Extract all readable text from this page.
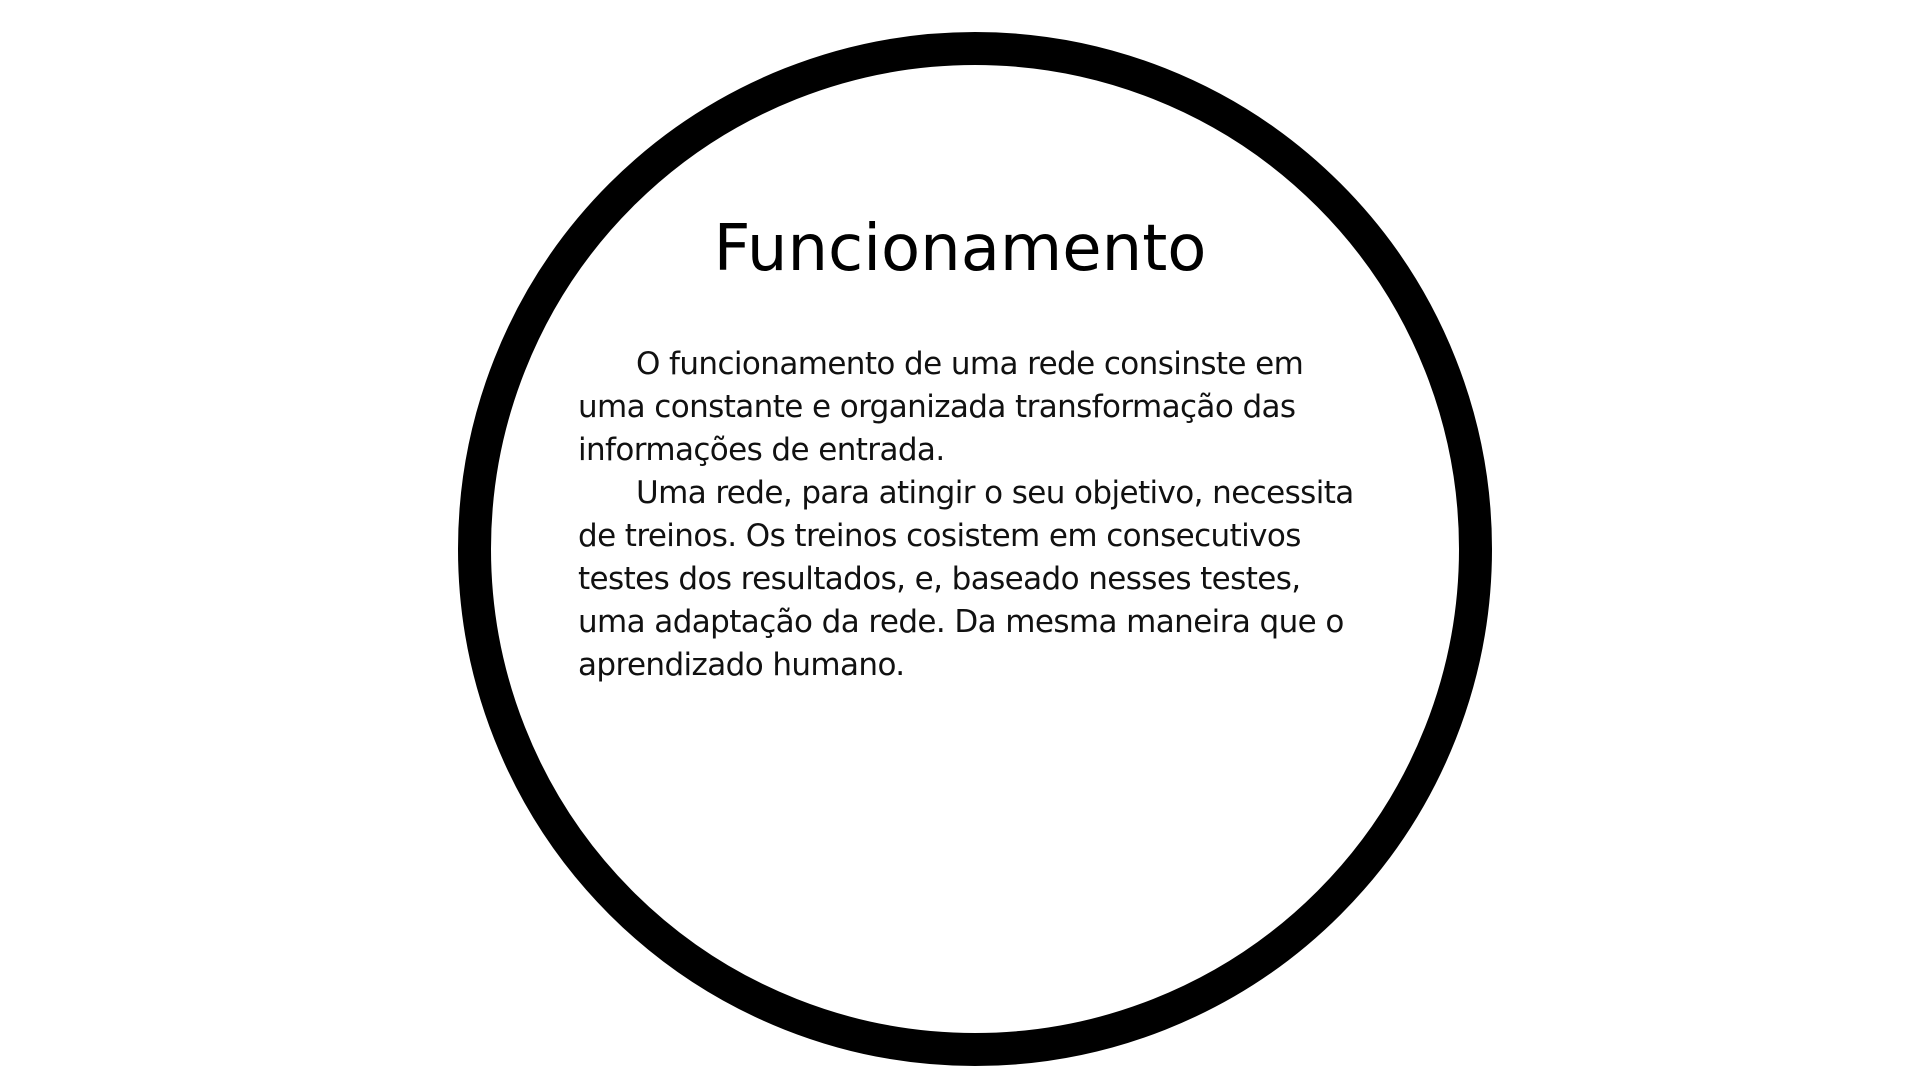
Funcionamento

O funcionamento de uma rede consinste em uma constante e organizada transformação das informações de entrada.

Uma rede, para atingir o seu objetivo, necessita de treinos. Os treinos cosistem em consecutivos testes dos resultados, e, baseado nesses testes, uma adaptação da rede. Da mesma maneira que o aprendizado humano.
